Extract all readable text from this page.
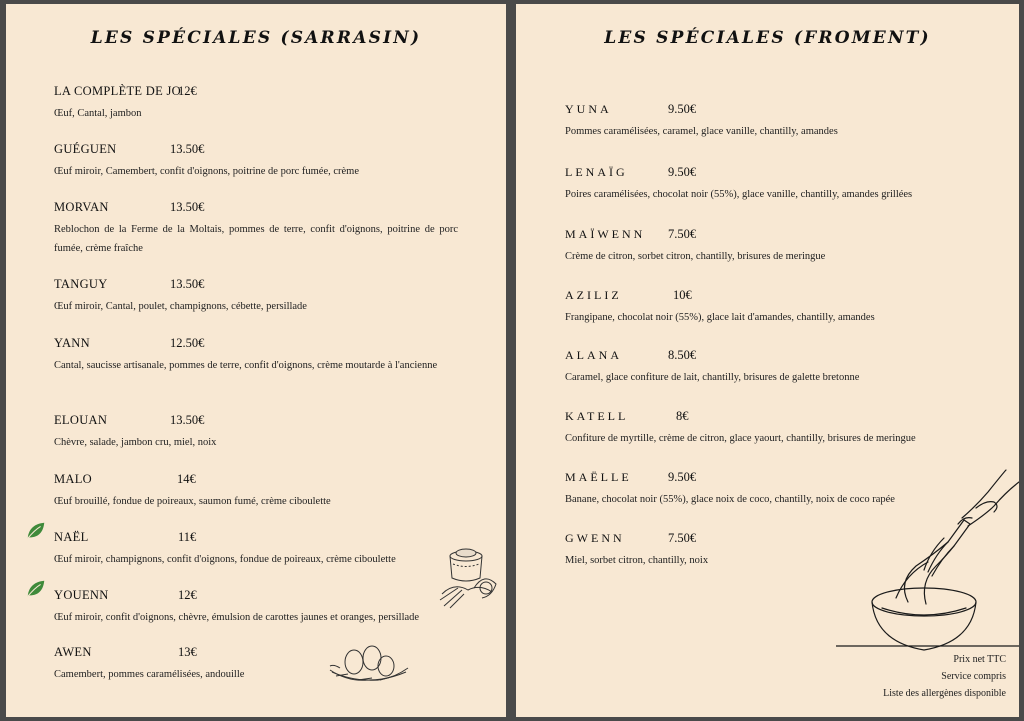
LES SPÉCIALES (SARRASIN)
LA COMPLÈTE DE JO
12€
Œuf, Cantal, jambon
GUÉGUEN	13.50€
Œuf miroir, Camembert, confit d'oignons, poitrine de porc fumée, crème
MORVAN	13.50€
Reblochon de la Ferme de la Moltais, pommes de terre, confit d'oignons, poitrine de porc fumée, crème fraîche
TANGUY	13.50€
Œuf miroir, Cantal, poulet, champignons, cébette, persillade
YANN	12.50€
Cantal, saucisse artisanale, pommes de terre, confit d'oignons, crème moutarde à l'ancienne
ELOUAN	13.50€
Chèvre, salade, jambon cru, miel, noix
MALO	14€
Œuf brouillé, fondue de poireaux, saumon fumé, crème ciboulette
NAËL	11€
Œuf miroir, champignons, confit d'oignons, fondue de poireaux, crème ciboulette
YOUENN	12€
Œuf miroir, confit d'oignons, chèvre, émulsion de carottes jaunes et oranges, persillade
AWEN	13€
Camembert, pommes caramélisées, andouille
LES SPÉCIALES (FROMENT)
YUNA	9.50€
Pommes caramélisées, caramel, glace vanille, chantilly, amandes
LENAÏG	9.50€
Poires caramélisées, chocolat noir (55%), glace vanille, chantilly, amandes grillées
MAÏWENN 7.50€
Crème de citron, sorbet citron, chantilly, brisures de meringue
AZILIZ	10€
Frangipane, chocolat noir (55%), glace lait d'amandes, chantilly, amandes
ALANA	8.50€
Caramel, glace confiture de lait, chantilly, brisures de galette bretonne
KATELL	8€
Confiture de myrtille, crème de citron, glace yaourt, chantilly, brisures de meringue
MAËLLE	9.50€
Banane, chocolat noir (55%), glace noix de coco, chantilly, noix de coco rapée
GWENN	7.50€
Miel, sorbet citron, chantilly, noix
Prix net TTC
Service compris
Liste des allergènes disponible
